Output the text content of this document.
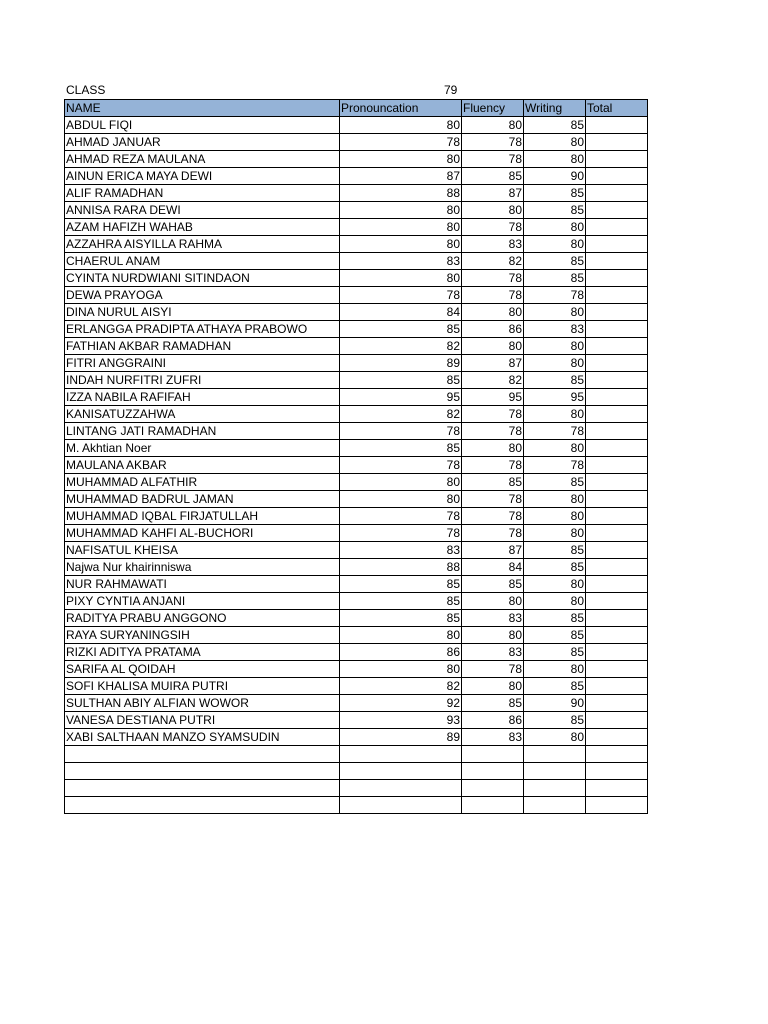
CLASS	79
NAME	Pronouncation	Fluency	Writing	Total
ABDUL FIQI	80	80	85	
AHMAD JANUAR	78	78	80	
AHMAD REZA MAULANA	80	78	80	
AINUN ERICA MAYA DEWI	87	85	90	
ALIF RAMADHAN	88	87	85	
ANNISA RARA DEWI	80	80	85	
AZAM HAFIZH WAHAB	80	78	80	
AZZAHRA AISYILLA RAHMA	80	83	80	
CHAERUL ANAM	83	82	85	
CYINTA NURDWIANI SITINDAON	80	78	85	
DEWA PRAYOGA	78	78	78	
DINA NURUL AISYI	84	80	80	
ERLANGGA PRADIPTA ATHAYA PRABOWO	85	86	83	
FATHIAN AKBAR RAMADHAN	82	80	80	
FITRI ANGGRAINI	89	87	80	
INDAH NURFITRI ZUFRI	85	82	85	
IZZA NABILA RAFIFAH	95	95	95	
KANISATUZZAHWA	82	78	80	
LINTANG JATI RAMADHAN	78	78	78	
M. Akhtian Noer	85	80	80	
MAULANA AKBAR	78	78	78	
MUHAMMAD ALFATHIR	80	85	85	
MUHAMMAD BADRUL JAMAN	80	78	80	
MUHAMMAD IQBAL FIRJATULLAH	78	78	80	
MUHAMMAD KAHFI AL-BUCHORI	78	78	80	
NAFISATUL KHEISA	83	87	85	
Najwa Nur khairinniswa	88	84	85	
NUR RAHMAWATI	85	85	80	
PIXY CYNTIA ANJANI	85	80	80	
RADITYA PRABU ANGGONO	85	83	85	
RAYA SURYANINGSIH	80	80	85	
RIZKI ADITYA PRATAMA	86	83	85	
SARIFA AL QOIDAH	80	78	80	
SOFI KHALISA MUIRA PUTRI	82	80	85	
SULTHAN ABIY ALFIAN WOWOR	92	85	90	
VANESA DESTIANA PUTRI	93	86	85	
XABI SALTHAAN MANZO SYAMSUDIN	89	83	80	
